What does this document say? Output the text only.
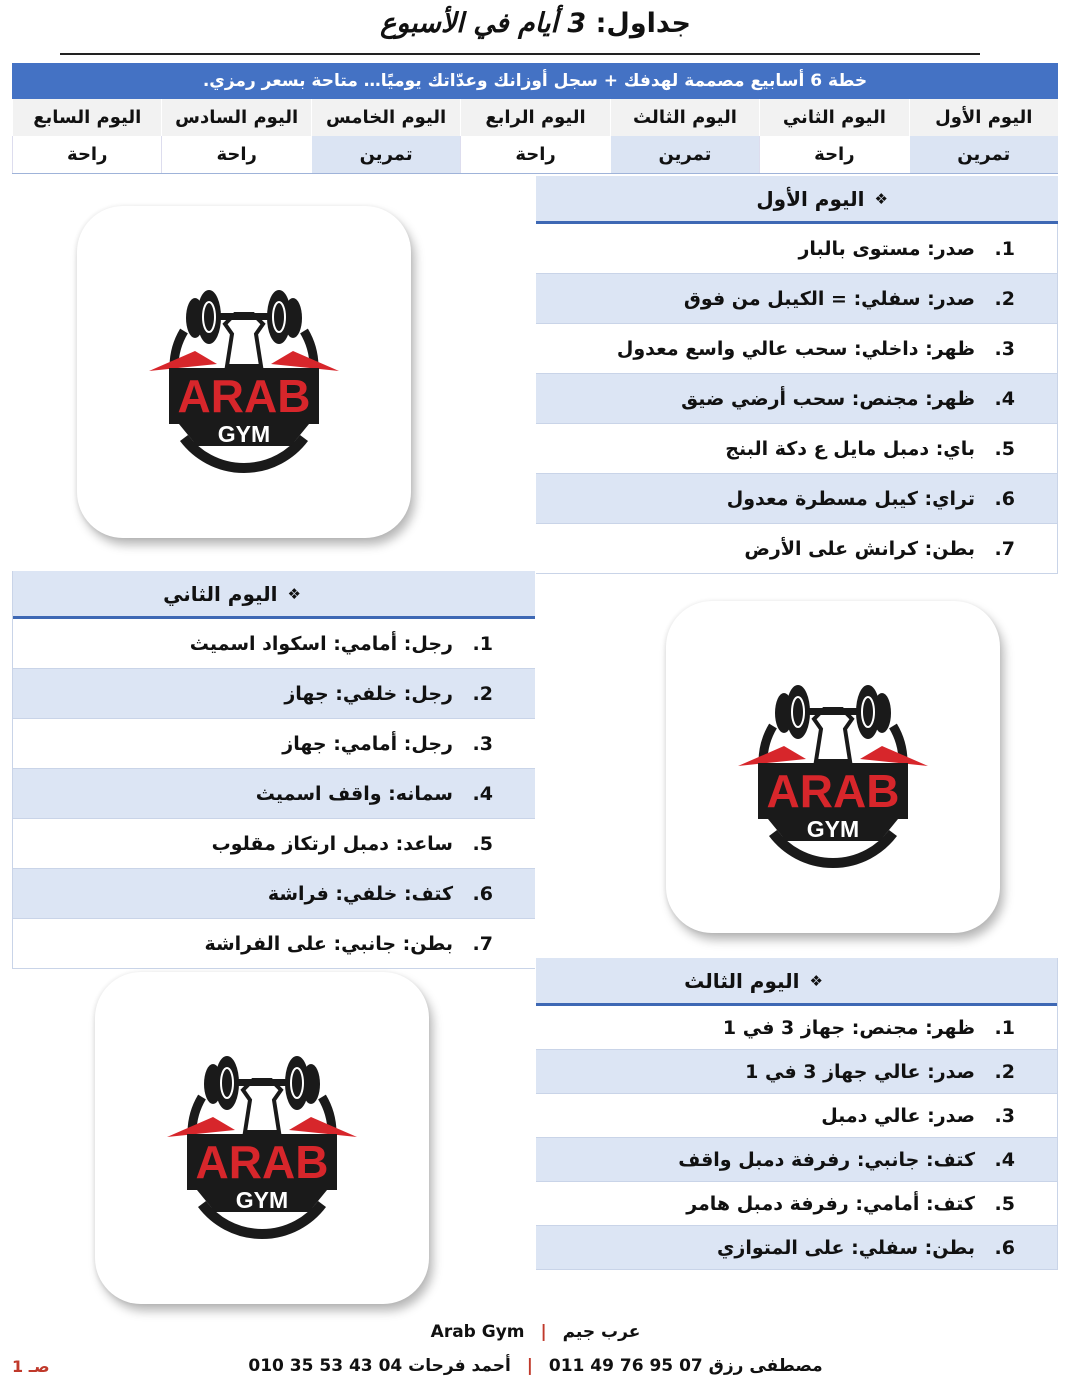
جداول: 3 أيام في الأسبوع
خطة 6 أسابيع مصممة لهدفك + سجل أوزانك وعدّاتك يوميًا… متاحة بسعر رمزي.
اليوم الأول
اليوم الثاني
اليوم الثالث
اليوم الرابع
اليوم الخامس
اليوم السادس
اليوم السابع
تمرين
راحة
تمرين
راحة
تمرين
راحة
راحة
❖
اليوم الأول
1.
صدر: مستوى بالبار
2.
صدر: سفلي: = الكيبل من فوق
3.
ظهر: داخلي: سحب عالي واسع معدول
4.
ظهر: مجنص: سحب أرضي ضيق
5.
باي: دمبل مايل ع دكة البنج
6.
تراي: كيبل مسطرة معدول
7.
بطن: كرانش على الأرض
❖
اليوم الثاني
1.
رجل: أمامي: اسكواد اسميث
2.
رجل: خلفي: جهاز
3.
رجل: أمامي: جهاز
4.
سمانه: واقف اسميث
5.
ساعد: دمبل ارتكاز مقلوب
6.
كتف: خلفي: فراشة
7.
بطن: جانبي: على الفراشة
❖
اليوم الثالث
1.
ظهر: مجنص: جهاز 3 في 1
2.
صدر: عالي جهاز 3 في 1
3.
صدر: عالي دمبل
4.
كتف: جانبي: رفرفة دمبل واقف
5.
كتف: أمامي: رفرفة دمبل هامر
6.
بطن: سفلي: على المتوازي
ARAB
GYM
ARAB
GYM
ARAB
GYM
Arab Gym | عرب جيم
مصطفى رزق 07 95 76 49 011 | أحمد فرحات 04 43 53 35 010
صـ 1
